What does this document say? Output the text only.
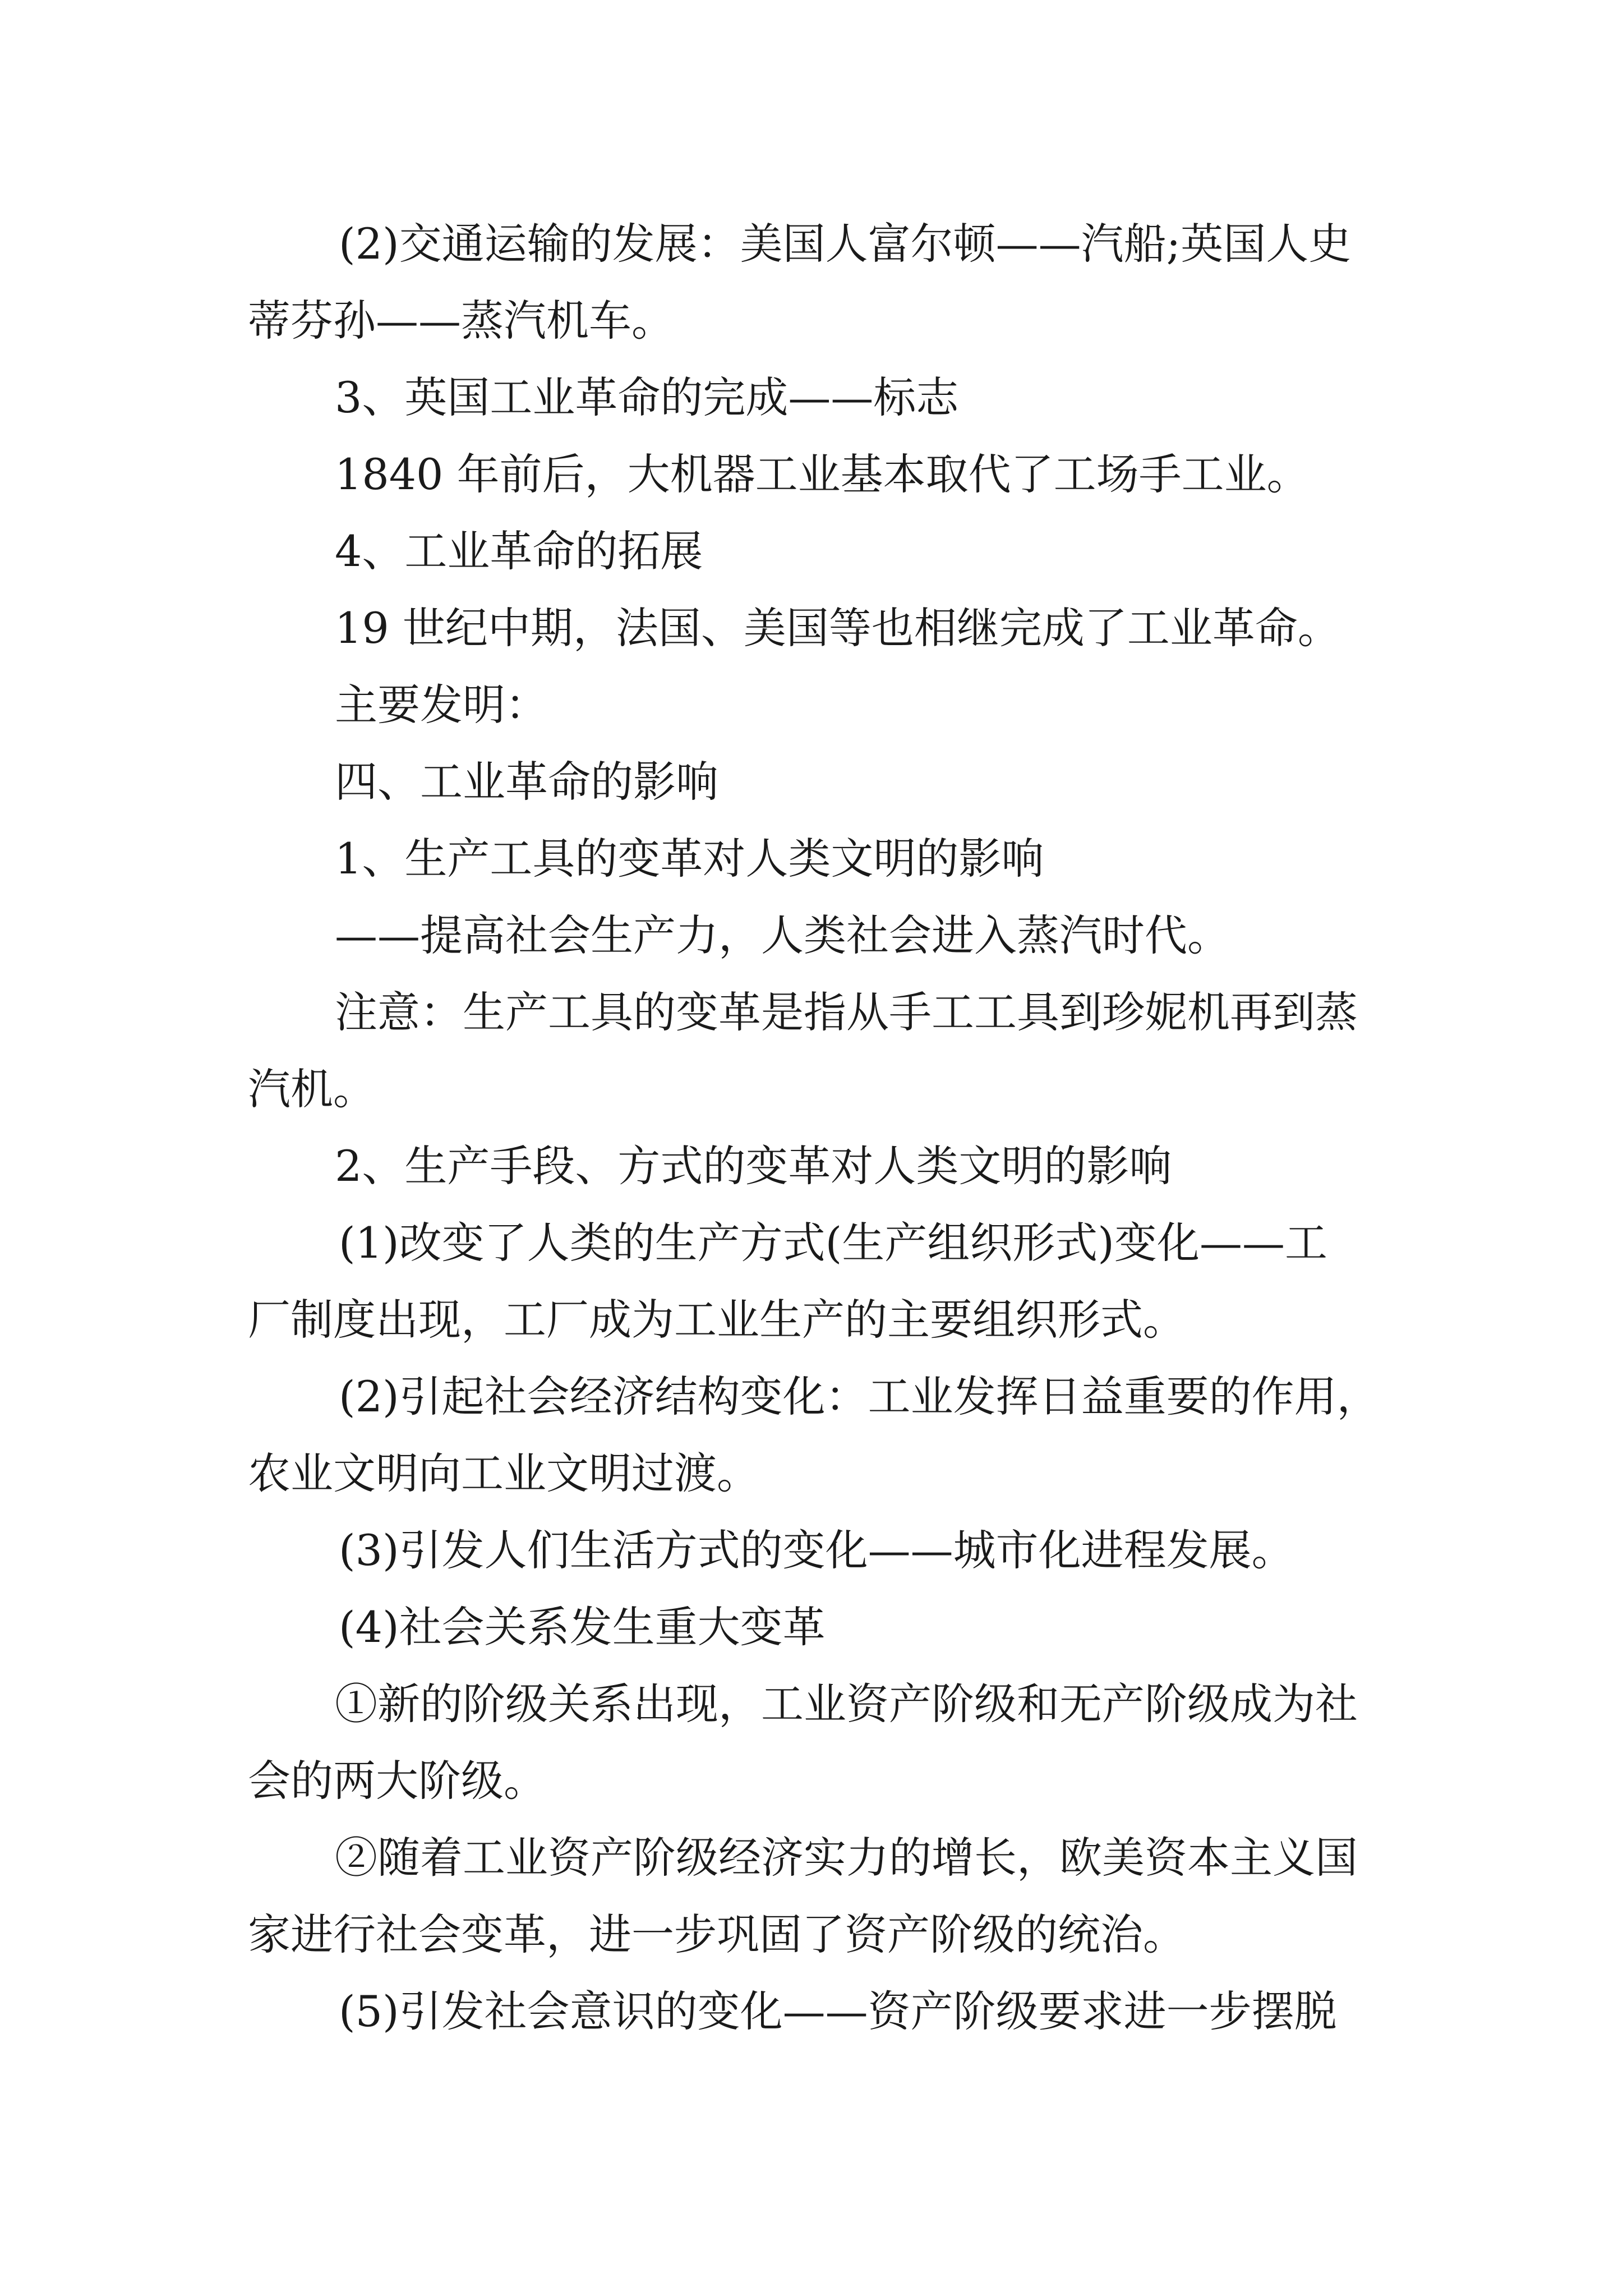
(2)交通运输的发展：美国人富尔顿——汽船;英国人史
蒂芬孙——蒸汽机车。
3、英国工业革命的完成——标志
1840 年前后，大机器工业基本取代了工场手工业。
4、工业革命的拓展
19 世纪中期，法国、美国等也相继完成了工业革命。
主要发明：
四、工业革命的影响
1、生产工具的变革对人类文明的影响
——提高社会生产力，人类社会进入蒸汽时代。
注意：生产工具的变革是指从手工工具到珍妮机再到蒸
汽机。
2、生产手段、方式的变革对人类文明的影响
(1)改变了人类的生产方式(生产组织形式)变化——工
厂制度出现，工厂成为工业生产的主要组织形式。
(2)引起社会经济结构变化：工业发挥日益重要的作用，
农业文明向工业文明过渡。
(3)引发人们生活方式的变化——城市化进程发展。
(4)社会关系发生重大变革
①新的阶级关系出现，工业资产阶级和无产阶级成为社
会的两大阶级。
②随着工业资产阶级经济实力的增长，欧美资本主义国
家进行社会变革，进一步巩固了资产阶级的统治。
(5)引发社会意识的变化——资产阶级要求进一步摆脱
